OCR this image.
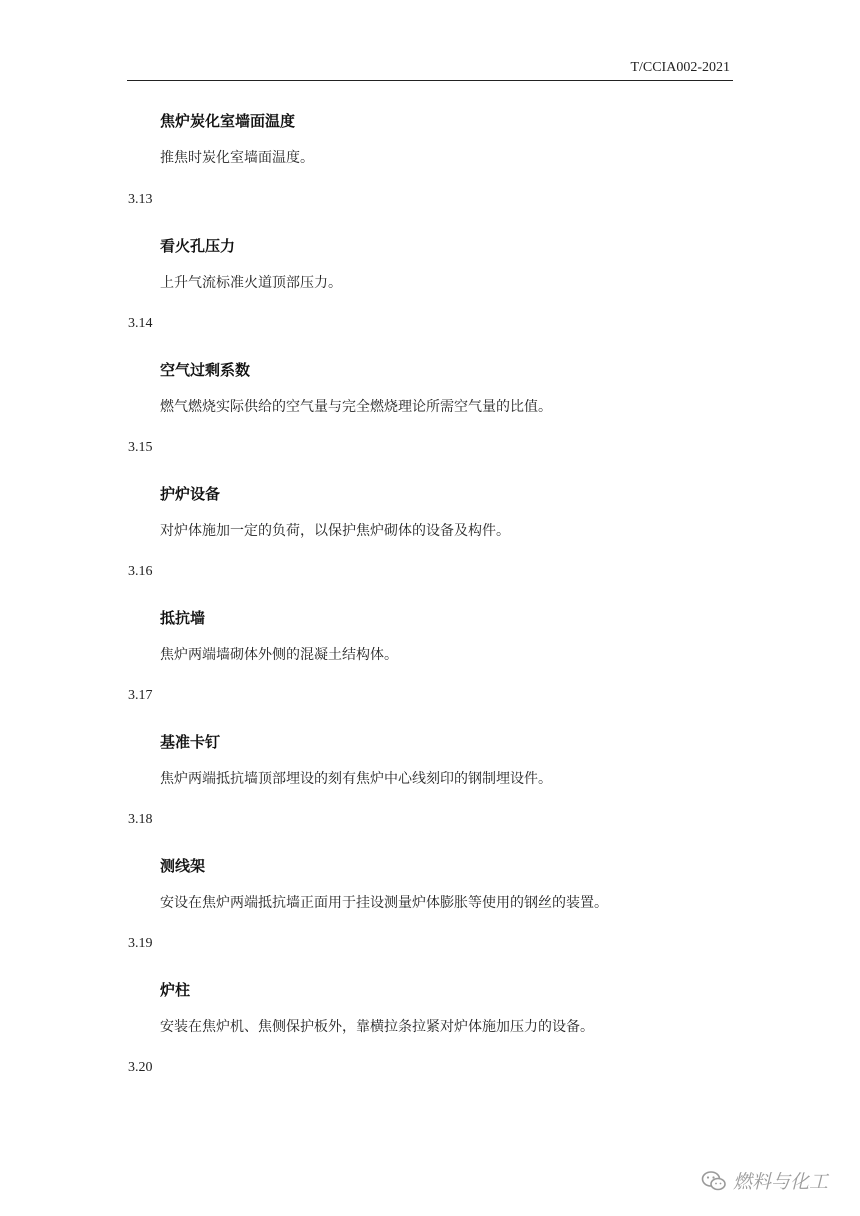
T/CCIA002-2021
焦炉炭化室墙面温度
推焦时炭化室墙面温度。
3.13
看火孔压力
上升气流标准火道顶部压力。
3.14
空气过剩系数
燃气燃烧实际供给的空气量与完全燃烧理论所需空气量的比值。
3.15
护炉设备
对炉体施加一定的负荷，以保护焦炉砌体的设备及构件。
3.16
抵抗墙
焦炉两端墙砌体外侧的混凝土结构体。
3.17
基准卡钉
焦炉两端抵抗墙顶部埋设的刻有焦炉中心线刻印的钢制埋设件。
3.18
测线架
安设在焦炉两端抵抗墙正面用于挂设测量炉体膨胀等使用的钢丝的装置。
3.19
炉柱
安装在焦炉机、焦侧保护板外，靠横拉条拉紧对炉体施加压力的设备。
3.20
燃料与化工
